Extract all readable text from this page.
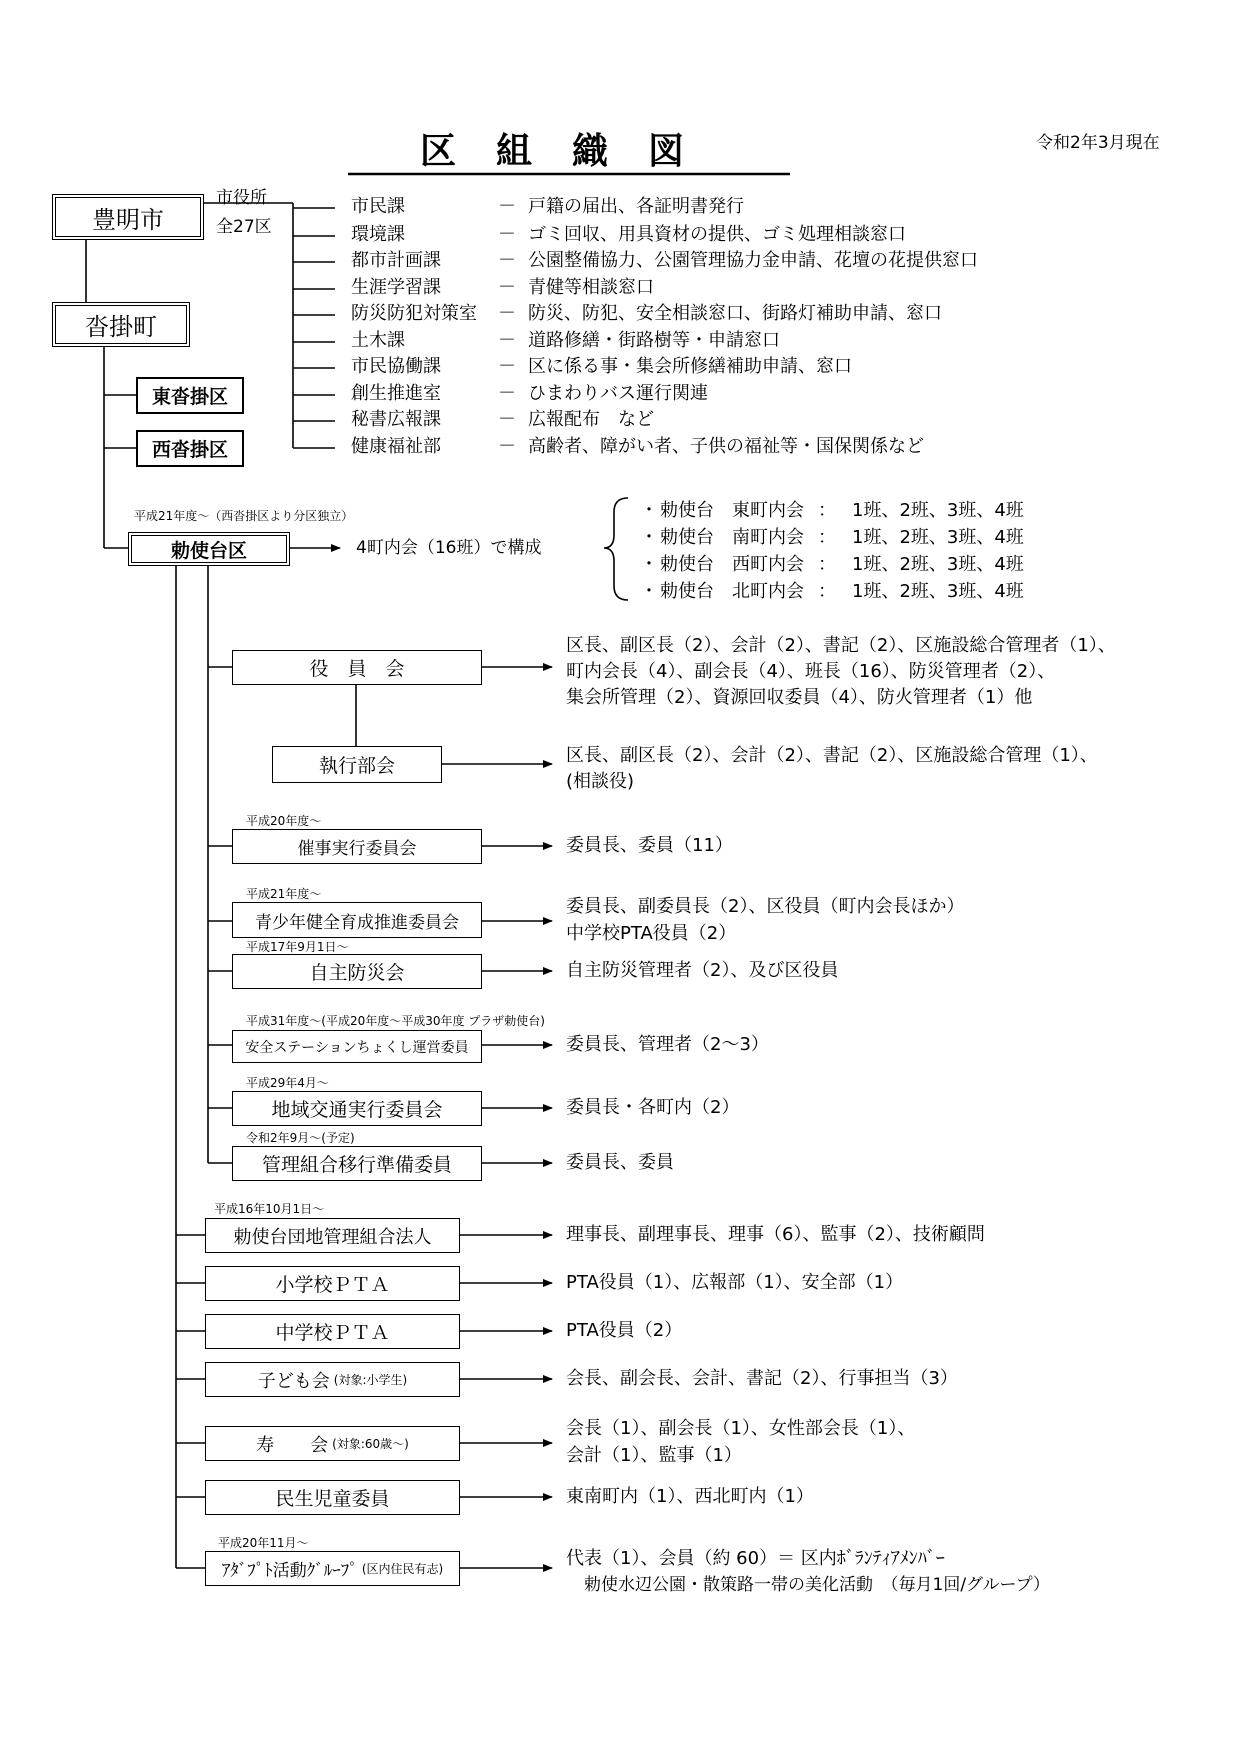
区　組　織　図	令和2年3月現在
豊明市
市役所
全27区
市民課	－ 戸籍の届出、各証明書発行
環境課	－ ゴミ回収、用具資材の提供、ゴミ処理相談窓口
都市計画課	－ 公園整備協力、公園管理協力金申請、花壇の花提供窓口
生涯学習課	－ 青健等相談窓口
防災防犯対策室 － 防災、防犯、安全相談窓口、街路灯補助申請、窓口
土木課	－ 道路修繕・街路樹等・申請窓口
市民協働課	－ 区に係る事・集会所修繕補助申請、窓口
創生推進室	－ ひまわりバス運行関連
秘書広報課	－ 広報配布　など
健康福祉部	－ 高齢者、障がい者、子供の福祉等・国保関係など
沓掛町
東沓掛区
西沓掛区
平成21年度～（西沓掛区より分区独立）
勅使台区	4町内会（16班）で構成
・ 勅使台　東町内会 ： 1班、2班、3班、4班
・ 勅使台　南町内会 ： 1班、2班、3班、4班
・ 勅使台　西町内会 ： 1班、2班、3班、4班
・ 勅使台　北町内会 ： 1班、2班、3班、4班
役　員　会
区長、副区長（2）、会計（2）、書記（2）、区施設総合管理者（1）、
町内会長（4）、副会長（4）、班長（16）、防災管理者（2）、
集会所管理（2）、資源回収委員（4）、防火管理者（1）他
執行部会	区長、副区長（2）、会計（2）、書記（2）、区施設総合管理（1）、
(相談役)
平成20年度～
催事実行委員会	委員長、委員（11）
平成21年度～
青少年健全育成推進委員会
委員長、副委員長（2）、区役員（町内会長ほか）
中学校PTA役員（2）
平成17年9月1日～
自主防災会	自主防災管理者（2）、及び区役員
平成31年度～(平成20年度～平成30年度 プラザ勅使台)
安全ステーションちょくし運営委員	委員長、管理者（2～3）
平成29年4月～
地域交通実行委員会	委員長・各町内（2）
令和2年9月～(予定)
管理組合移行準備委員	委員長、委員
平成16年10月1日～
勅使台団地管理組合法人	理事長、副理事長、理事（6）、監事（2）、技術顧問
小学校ＰＴＡ	PTA役員（1）、広報部（1）、安全部（1）
中学校ＰＴＡ	PTA役員（2）
子ども会 (対象:小学生)	会長、副会長、会計、書記（2）、行事担当（3）
寿　　会 (対象:60歳～)
会長（1）、副会長（1）、女性部会長（1）、
会計（1）、監事（1）
民生児童委員	東南町内（1）、西北町内（1）
平成20年11月～
ｱﾀﾞﾌﾟﾄ活動ｸﾞﾙｰﾌﾟ (区内住民有志)	代表（1）、会員（約 60）＝ 区内ﾎﾞﾗﾝﾃｨｱﾒﾝﾊﾞｰ
勅使水辺公園・散策路一帯の美化活動　（毎月1回/グループ）
